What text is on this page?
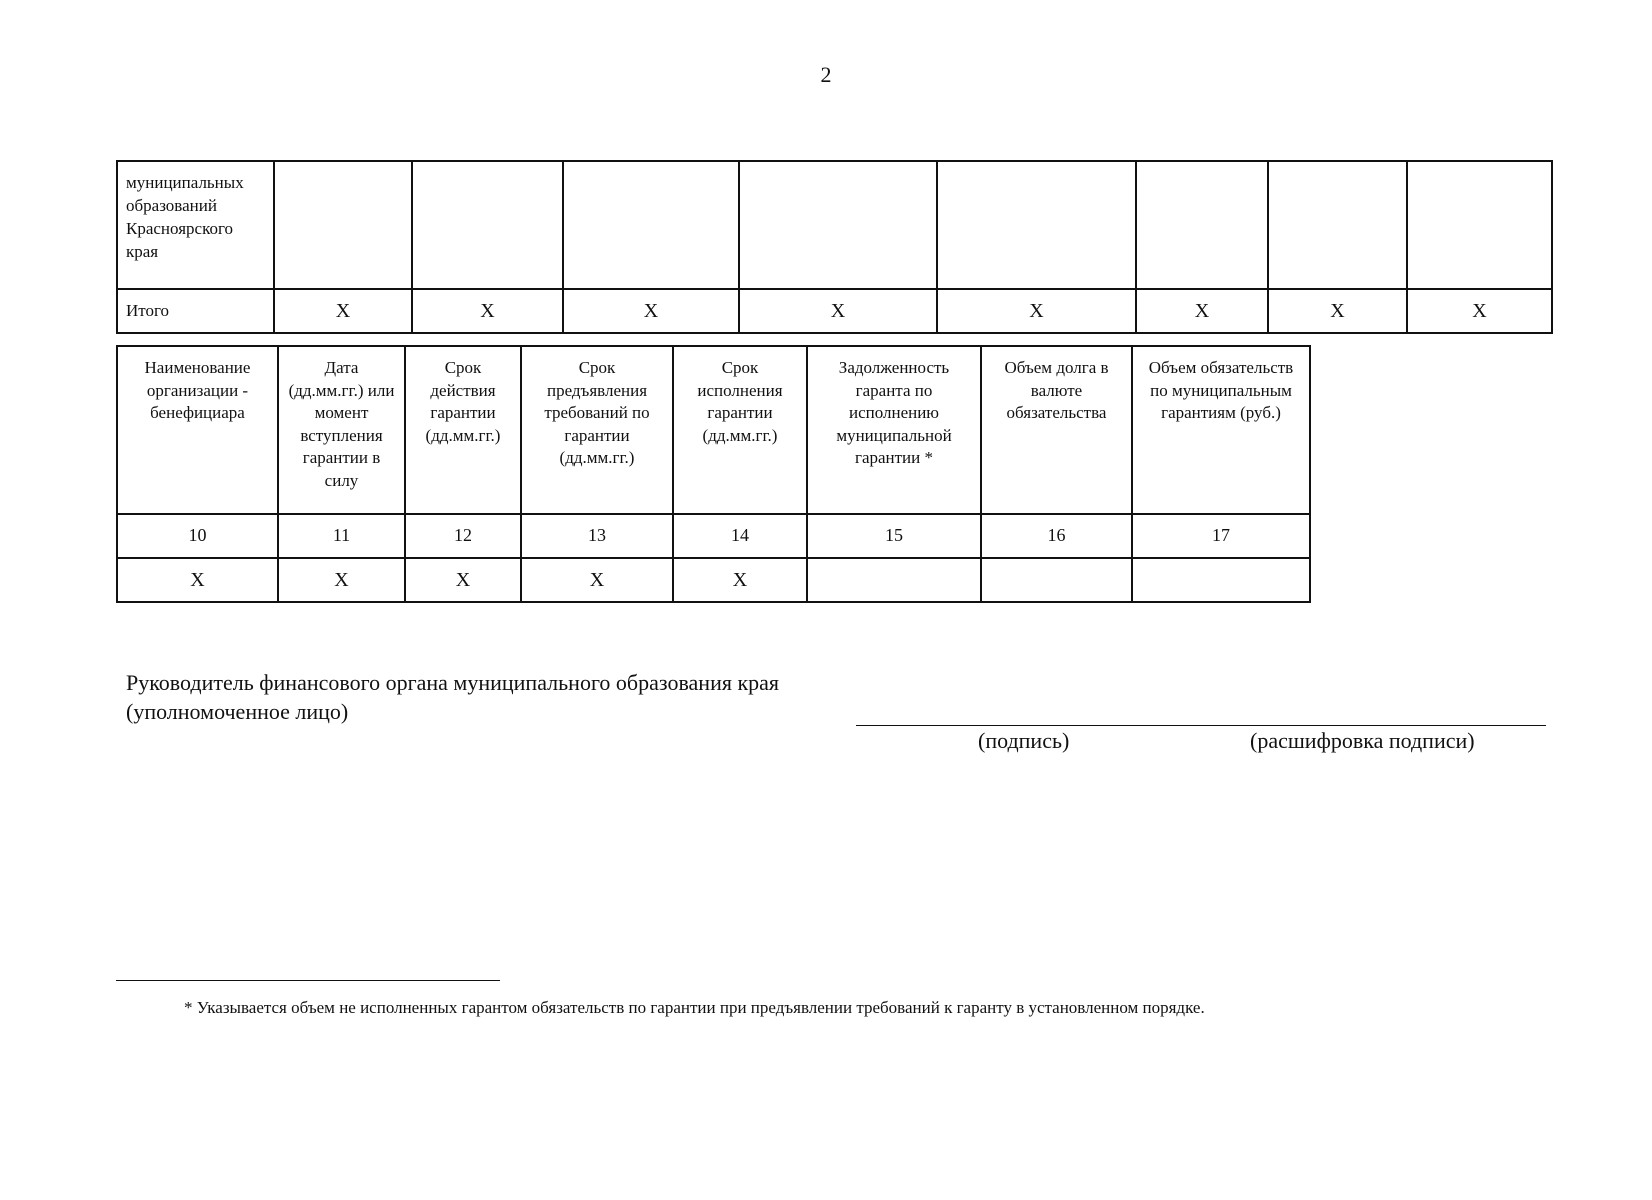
2
муниципальных образований Красноярского края								
Итого	X	X	X	X	X	X	X	X
Наименование организации - бенефициара	Дата (дд.мм.гг.) или момент вступления гарантии в силу	Срок действия гарантии (дд.мм.гг.)	Срок предъявления требований по гарантии (дд.мм.гг.)	Срок исполнения гарантии (дд.мм.гг.)	Задолженность гаранта по исполнению муниципальной гарантии *	Объем долга в валюте обязательства	Объем обязательств по муниципальным гарантиям (руб.)
10	11	12	13	14	15	16	17
X	X	X	X	X			
Руководитель финансового органа муниципального образования края
(уполномоченное лицо)
(подпись)	(расшифровка подписи)
* Указывается объем не исполненных гарантом обязательств по гарантии при предъявлении требований к гаранту в установленном порядке.
